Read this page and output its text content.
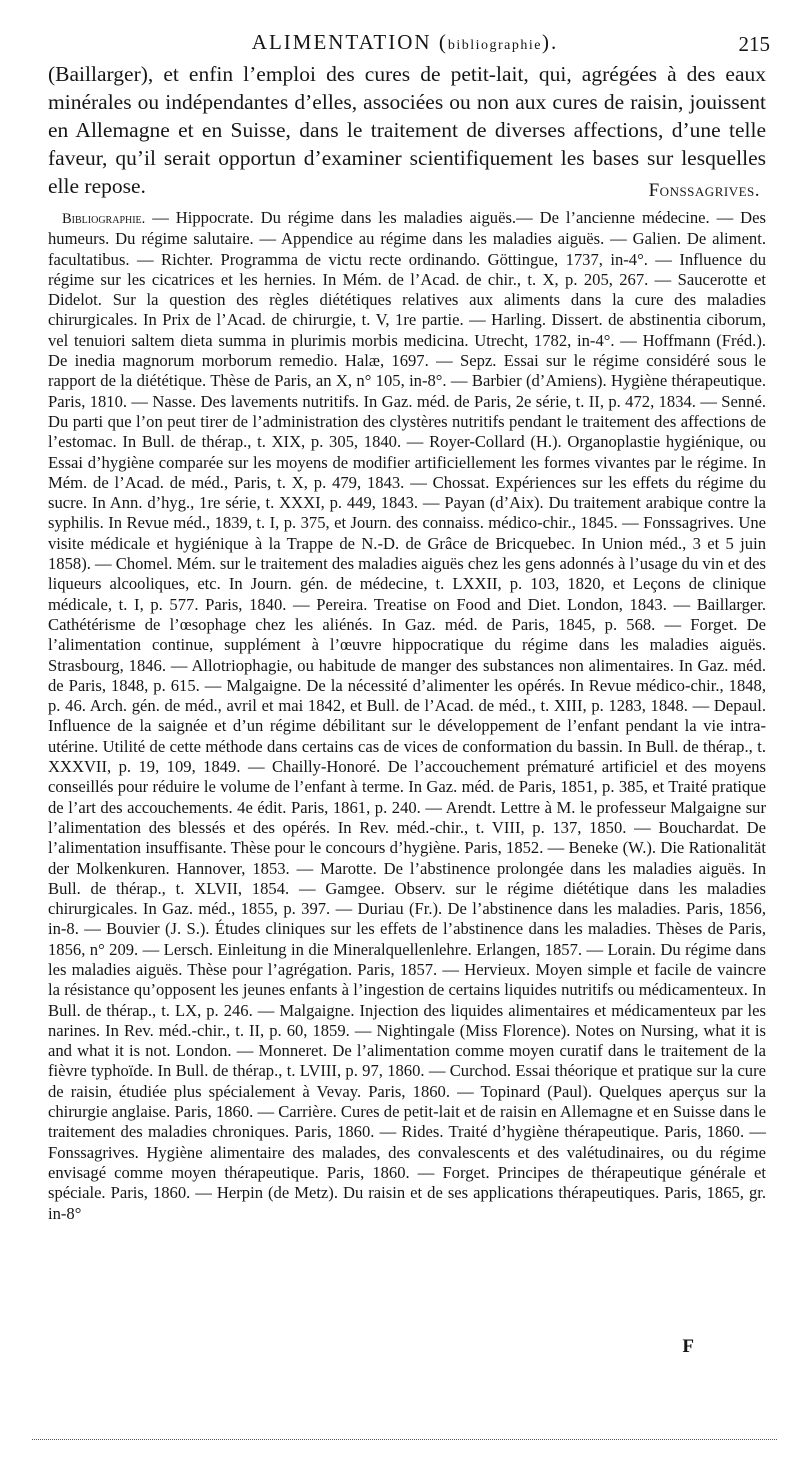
ALIMENTATION (bibliographie).	215

(Baillarger), et enfin l’emploi des cures de petit-lait, qui, agrégées à des eaux minérales ou indépendantes d’elles, associées ou non aux cures de raisin, jouissent en Allemagne et en Suisse, dans le traitement de diverses affections, d’une telle faveur, qu’il serait opportun d’examiner scientifiquement les bases sur lesquelles elle repose.	Fonssagrives.

Bibliographie. — Hippocrate. Du régime dans les maladies aiguës.— De l’ancienne médecine. — Des humeurs. Du régime salutaire. — Appendice au régime dans les maladies aiguës. — Galien. De aliment. facultatibus. — Richter. Programma de victu recte ordinando. Göttingue, 1737, in-4°. — Influence du régime sur les cicatrices et les hernies. In Mém. de l’Acad. de chir., t. X, p. 205, 267. — Saucerotte et Didelot. Sur la question des règles diététiques relatives aux aliments dans la cure des maladies chirurgicales. In Prix de l’Acad. de chirurgie, t. V, 1re partie. — Harling. Dissert. de abstinentia ciborum, vel tenuiori saltem dieta summa in plurimis morbis medicina. Utrecht, 1782, in-4°. — Hoffmann (Fréd.). De inedia magnorum morborum remedio. Halæ, 1697. — Sepz. Essai sur le régime considéré sous le rapport de la diététique. Thèse de Paris, an X, n° 105, in-8°. — Barbier (d’Amiens). Hygiène thérapeutique. Paris, 1810. — Nasse. Des lavements nutritifs. In Gaz. méd. de Paris, 2e série, t. II, p. 472, 1834. — Senné. Du parti que l’on peut tirer de l’administration des clystères nutritifs pendant le traitement des affections de l’estomac. In Bull. de thérap., t. XIX, p. 305, 1840. — Royer-Collard (H.). Organoplastie hygiénique, ou Essai d’hygiène comparée sur les moyens de modifier artificiellement les formes vivantes par le régime. In Mém. de l’Acad. de méd., Paris, t. X, p. 479, 1843. — Chossat. Expériences sur les effets du régime du sucre. In Ann. d’hyg., 1re série, t. XXXI, p. 449, 1843. — Payan (d’Aix). Du traitement arabique contre la syphilis. In Revue méd., 1839, t. I, p. 375, et Journ. des connaiss. médico-chir., 1845. — Fonssagrives. Une visite médicale et hygiénique à la Trappe de N.-D. de Grâce de Bricquebec. In Union méd., 3 et 5 juin 1858). — Chomel. Mém. sur le traitement des maladies aiguës chez les gens adonnés à l’usage du vin et des liqueurs alcooliques, etc. In Journ. gén. de médecine, t. LXXII, p. 103, 1820, et Leçons de clinique médicale, t. I, p. 577. Paris, 1840. — Pereira. Treatise on Food and Diet. London, 1843. — Baillarger. Cathétérisme de l’œsophage chez les aliénés. In Gaz. méd. de Paris, 1845, p. 568. — Forget. De l’alimentation continue, supplément à l’œuvre hippocratique du régime dans les maladies aiguës. Strasbourg, 1846. — Allotriophagie, ou habitude de manger des substances non alimentaires. In Gaz. méd. de Paris, 1848, p. 615. — Malgaigne. De la nécessité d’alimenter les opérés. In Revue médico-chir., 1848, p. 46. Arch. gén. de méd., avril et mai 1842, et Bull. de l’Acad. de méd., t. XIII, p. 1283, 1848. — Depaul. Influence de la saignée et d’un régime débilitant sur le développement de l’enfant pendant la vie intra-utérine. Utilité de cette méthode dans certains cas de vices de conformation du bassin. In Bull. de thérap., t. XXXVII, p. 19, 109, 1849. — Chailly-Honoré. De l’accouchement prématuré artificiel et des moyens conseillés pour réduire le volume de l’enfant à terme. In Gaz. méd. de Paris, 1851, p. 385, et Traité pratique de l’art des accouchements. 4e édit. Paris, 1861, p. 240. — Arendt. Lettre à M. le professeur Malgaigne sur l’alimentation des blessés et des opérés. In Rev. méd.-chir., t. VIII, p. 137, 1850. — Bouchardat. De l’alimentation insuffisante. Thèse pour le concours d’hygiène. Paris, 1852. — Beneke (W.). Die Rationalität der Molkenkuren. Hannover, 1853. — Marotte. De l’abstinence prolongée dans les maladies aiguës. In Bull. de thérap., t. XLVII, 1854. — Gamgee. Observ. sur le régime diététique dans les maladies chirurgicales. In Gaz. méd., 1855, p. 397. — Duriau (Fr.). De l’abstinence dans les maladies. Paris, 1856, in-8. — Bouvier (J. S.). Études cliniques sur les effets de l’abstinence dans les maladies. Thèses de Paris, 1856, n° 209. — Lersch. Einleitung in die Mineralquellenlehre. Erlangen, 1857. — Lorain. Du régime dans les maladies aiguës. Thèse pour l’agrégation. Paris, 1857. — Hervieux. Moyen simple et facile de vaincre la résistance qu’opposent les jeunes enfants à l’ingestion de certains liquides nutritifs ou médicamenteux. In Bull. de thérap., t. LX, p. 246. — Malgaigne. Injection des liquides alimentaires et médicamenteux par les narines. In Rev. méd.-chir., t. II, p. 60, 1859. — Nightingale (Miss Florence). Notes on Nursing, what it is and what it is not. London. — Monneret. De l’alimentation comme moyen curatif dans le traitement de la fièvre typhoïde. In Bull. de thérap., t. LVIII, p. 97, 1860. — Curchod. Essai théorique et pratique sur la cure de raisin, étudiée plus spécialement à Vevay. Paris, 1860. — Topinard (Paul). Quelques aperçus sur la chirurgie anglaise. Paris, 1860. — Carrière. Cures de petit-lait et de raisin en Allemagne et en Suisse dans le traitement des maladies chroniques. Paris, 1860. — Rides. Traité d’hygiène thérapeutique. Paris, 1860. — Fonssagrives. Hygiène alimentaire des malades, des convalescents et des valétudinaires, ou du régime envisagé comme moyen thérapeutique. Paris, 1860. — Forget. Principes de thérapeutique générale et spéciale. Paris, 1860. — Herpin (de Metz). Du raisin et de ses applications thérapeutiques. Paris, 1865, gr. in-8°

F
